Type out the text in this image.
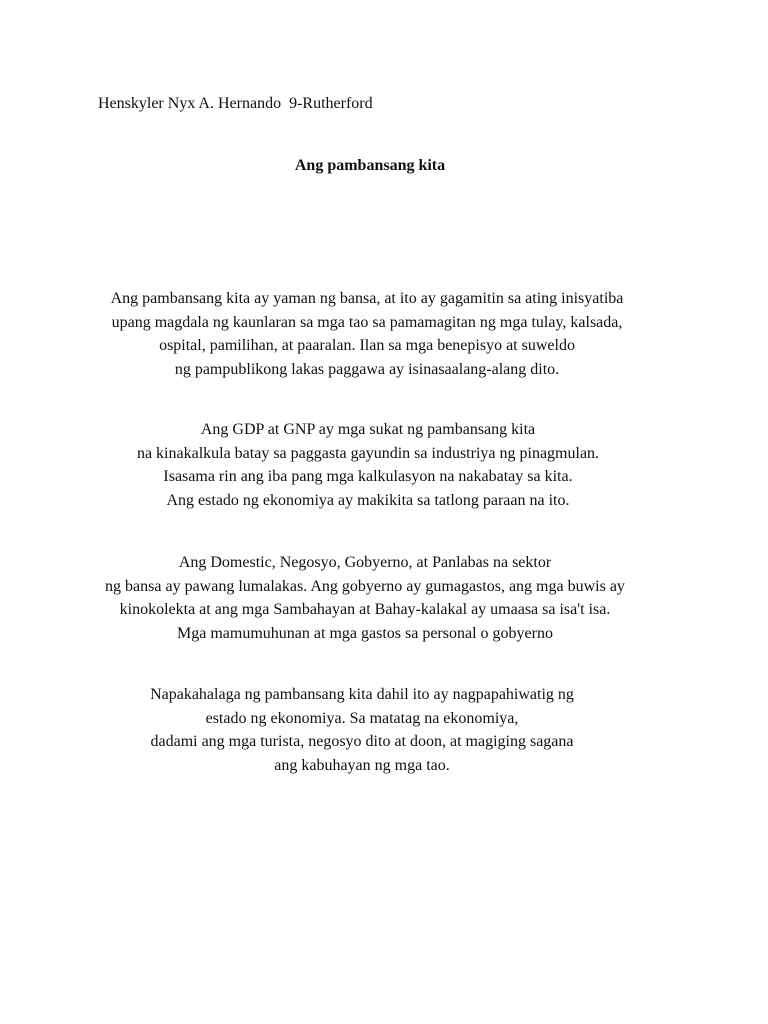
Henskyler Nyx A. Hernando  9-Rutherford
Ang pambansang kita
Ang pambansang kita ay yaman ng bansa, at ito ay gagamitin sa ating inisyatiba
upang magdala ng kaunlaran sa mga tao sa pamamagitan ng mga tulay, kalsada,
ospital, pamilihan, at paaralan. Ilan sa mga benepisyo at suweldo
ng pampublikong lakas paggawa ay isinasaalang-alang dito.
Ang GDP at GNP ay mga sukat ng pambansang kita
na kinakalkula batay sa paggasta gayundin sa industriya ng pinagmulan.
Isasama rin ang iba pang mga kalkulasyon na nakabatay sa kita.
Ang estado ng ekonomiya ay makikita sa tatlong paraan na ito.
Ang Domestic, Negosyo, Gobyerno, at Panlabas na sektor
ng bansa ay pawang lumalakas. Ang gobyerno ay gumagastos, ang mga buwis ay
kinokolekta at ang mga Sambahayan at Bahay-kalakal ay umaasa sa isa't isa.
Mga mamumuhunan at mga gastos sa personal o gobyerno
Napakahalaga ng pambansang kita dahil ito ay nagpapahiwatig ng
estado ng ekonomiya. Sa matatag na ekonomiya,
dadami ang mga turista, negosyo dito at doon, at magiging sagana
ang kabuhayan ng mga tao.
